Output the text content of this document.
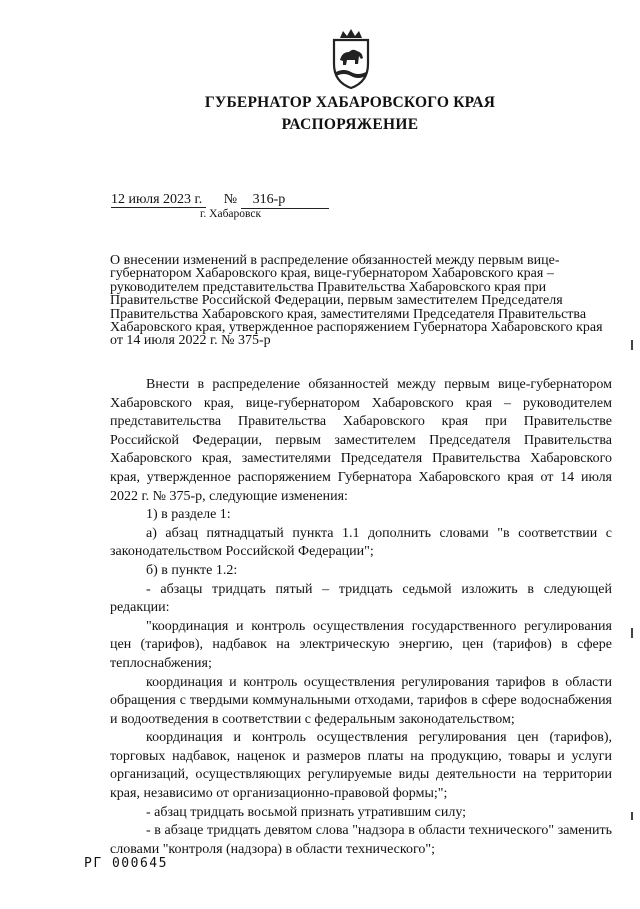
ГУБЕРНАТОР ХАБАРОВСКОГО КРАЯ
РАСПОРЯЖЕНИЕ
12 июля 2023 г. № 316-р
г. Хабаровск
О внесении изменений в распределение обязанностей между первым вице-губернатором Хабаровского края, вице-губернатором Хабаровского края – руководителем представительства Правительства Хабаровского края при Правительстве Российской Федерации, первым заместителем Председателя Правительства Хабаровского края, заместителями Председателя Правительства Хабаровского края, утвержденное распоряжением Губернатора Хабаровского края от 14 июля 2022 г. № 375-р

Внести в распределение обязанностей между первым вице-губернатором Хабаровского края, вице-губернатором Хабаровского края – руководителем представительства Правительства Хабаровского края при Правительстве Российской Федерации, первым заместителем Председателя Правительства Хабаровского края, заместителями Председателя Правительства Хабаровского края, утвержденное распоряжением Губернатора Хабаровского края от 14 июля 2022 г. № 375-р, следующие изменения:

1) в разделе 1:

а) абзац пятнадцатый пункта 1.1 дополнить словами "в соответствии с законодательством Российской Федерации";

б) в пункте 1.2:

- абзацы тридцать пятый – тридцать седьмой изложить в следующей редакции:

"координация и контроль осуществления государственного регулирования цен (тарифов), надбавок на электрическую энергию, цен (тарифов) в сфере теплоснабжения;

координация и контроль осуществления регулирования тарифов в области обращения с твердыми коммунальными отходами, тарифов в сфере водоснабжения и водоотведения в соответствии с федеральным законодательством;

координация и контроль осуществления регулирования цен (тарифов), торговых надбавок, наценок и размеров платы на продукцию, товары и услуги организаций, осуществляющих регулируемые виды деятельности на территории края, независимо от организационно-правовой формы;";

- абзац тридцать восьмой признать утратившим силу;

- в абзаце тридцать девятом слова "надзора в области технического" заменить словами "контроля (надзора) в области технического";

РГ 000645
